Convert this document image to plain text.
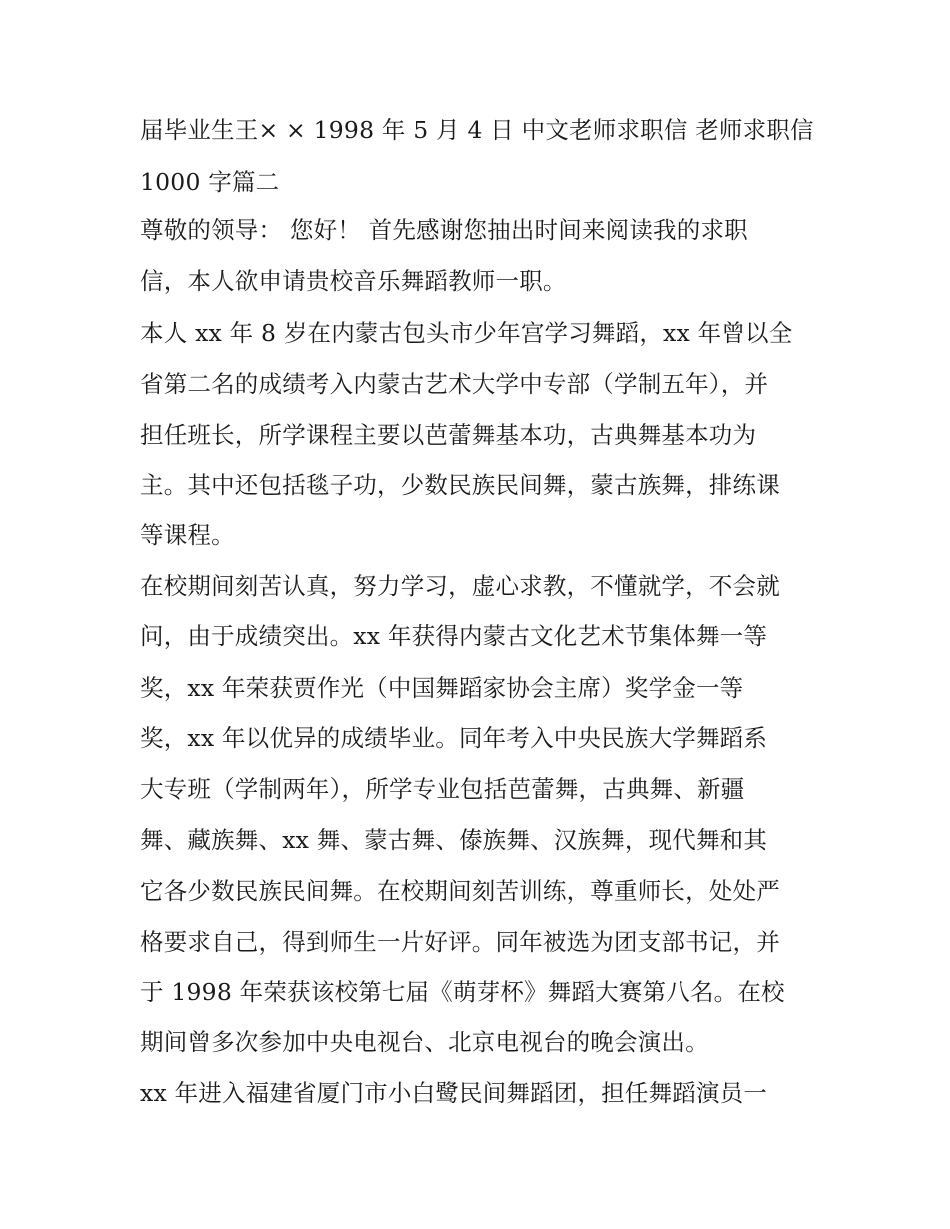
届毕业生王× × 1998 年 5 月 4 日 中文老师求职信 老师求职信
1000 字篇二
尊敬的领导： 您好！ 首先感谢您抽出时间来阅读我的求职
信，本人欲申请贵校音乐舞蹈教师一职。
本人 xx 年 8 岁在内蒙古包头市少年宫学习舞蹈，xx 年曾以全
省第二名的成绩考入内蒙古艺术大学中专部（学制五年），并
担任班长，所学课程主要以芭蕾舞基本功，古典舞基本功为
主。其中还包括毯子功，少数民族民间舞，蒙古族舞，排练课
等课程。
在校期间刻苦认真，努力学习，虚心求教，不懂就学，不会就
问，由于成绩突出。xx 年获得内蒙古文化艺术节集体舞一等
奖，xx 年荣获贾作光（中国舞蹈家协会主席）奖学金一等
奖，xx 年以优异的成绩毕业。同年考入中央民族大学舞蹈系
大专班（学制两年），所学专业包括芭蕾舞，古典舞、新疆
舞、藏族舞、xx 舞、蒙古舞、傣族舞、汉族舞，现代舞和其
它各少数民族民间舞。在校期间刻苦训练，尊重师长，处处严
格要求自己，得到师生一片好评。同年被选为团支部书记，并
于 1998 年荣获该校第七届《萌芽杯》舞蹈大赛第八名。在校
期间曾多次参加中央电视台、北京电视台的晚会演出。
xx 年进入福建省厦门市小白鹭民间舞蹈团，担任舞蹈演员一
